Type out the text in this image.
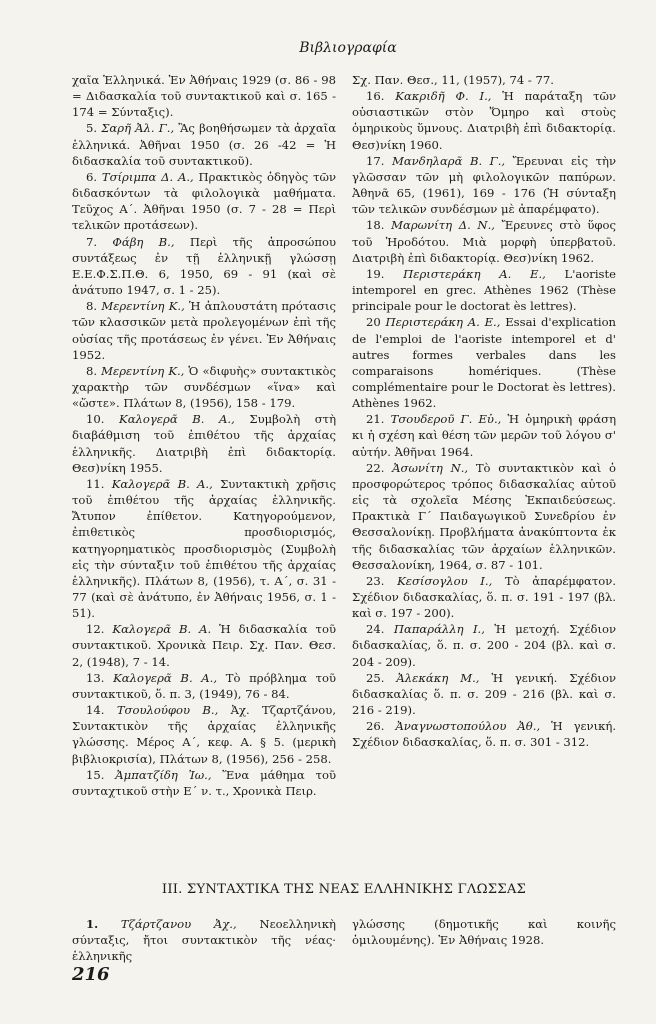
Βιβλιογραφία

χαῖα Ἑλληνικά. Ἐν Ἀθήναις 1929 (σ. 86 - 98 = Διδασκαλία τοῦ συντακτικοῦ καὶ σ. 165 - 174 = Σύνταξις).

5. Σαρῆ Ἀλ. Γ., Ἂς βοηθήσωμεν τὰ ἀρχαῖα ἑλληνικά. Ἀθῆναι 1950 (σ. 26 -42 = Ἡ διδασκαλία τοῦ συντακτικοῦ).

6. Τσίριμπα Δ. Α., Πρακτικὸς ὁδηγὸς τῶν διδασκόντων τὰ φιλολογικὰ μαθήματα. Τεῦχος Α΄. Ἀθῆναι 1950 (σ. 7 - 28 = Περὶ τελικῶν προτάσεων).

7. Φάβη Β., Περὶ τῆς ἀπροσώπου συντάξεως ἐν τῇ ἑλληνικῇ γλώσσῃ Ε.Ε.Φ.Σ.Π.Θ. 6, 1950, 69 - 91 (καὶ σὲ ἀνάτυπο 1947, σ. 1 - 25).

8. Μερεντίνη Κ., Ἡ ἁπλουστάτη πρότασις τῶν κλασσικῶν μετὰ προλεγομένων ἐπὶ τῆς οὐσίας τῆς προτάσεως ἐν γένει. Ἐν Ἀθήναις 1952.

8. Μερεντίνη Κ., Ὁ «διφυὴς» συντακτικὸς χαρακτὴρ τῶν συνδέσμων «ἵνα» καὶ «ὥστε». Πλάτων 8, (1956), 158 - 179.

10. Καλογερᾶ Β. Α., Συμβολὴ στὴ διαβάθμιση τοῦ ἐπιθέτου τῆς ἀρχαίας ἑλληνικῆς. Διατριβὴ ἐπὶ διδακτορίᾳ. Θεσ)νίκη 1955.

11. Καλογερᾶ Β. Α., Συντακτικὴ χρῆσις τοῦ ἐπιθέτου τῆς ἀρχαίας ἑλληνικῆς. Ἄτυπον ἐπίθετον. Κατηγορούμενον, ἐπιθετικὸς προσδιορισμός, κατηγορηματικὸς προσδιορισμὸς (Συμβολὴ εἰς τὴν σύνταξιν τοῦ ἐπιθέτου τῆς ἀρχαίας ἑλληνικῆς). Πλάτων 8, (1956), τ. Α΄, σ. 31 - 77 (καὶ σὲ ἀνάτυπο, ἐν Ἀθήναις 1956, σ. 1 - 51).

12. Καλογερᾶ Β. Α. Ἡ διδασκαλία τοῦ συντακτικοῦ. Χρονικὰ Πειρ. Σχ. Παν. Θεσ. 2, (1948), 7 - 14.

13. Καλογερᾶ Β. Α., Τὸ πρόβλημα τοῦ συντακτικοῦ, ὅ. π. 3, (1949), 76 - 84.

14. Τσουλούφου Β., Ἀχ. Τζαρτζάνου, Συντακτικὸν τῆς ἀρχαίας ἑλληνικῆς γλώσσης. Μέρος Α΄, κεφ. Α. § 5. (μερικὴ βιβλιοκρισία), Πλάτων 8, (1956), 256 - 258.

15. Ἀμπατζίδη Ἰω., Ἕνα μάθημα τοῦ συνταχτικοῦ στὴν Ε΄ ν. τ., Χρονικὰ Πειρ.

Σχ. Παν. Θεσ., 11, (1957), 74 - 77.

16. Κακριδῆ Φ. Ι., Ἡ παράταξη τῶν οὐσιαστικῶν στὸν Ὅμηρο καὶ στοὺς ὁμηρικοὺς ὕμνους. Διατριβὴ ἐπὶ διδακτορίᾳ. Θεσ)νίκη 1960.

17. Μανδηλαρᾶ Β. Γ., Ἔρευναι εἰς τὴν γλῶσσαν τῶν μὴ φιλολογικῶν παπύρων. Ἀθηνᾶ 65, (1961), 169 - 176 (Ἡ σύνταξη τῶν τελικῶν συνδέσμων μὲ ἀπαρέμφατο).

18. Μαρωνίτη Δ. Ν., Ἔρευνες στὸ ὕφος τοῦ Ἡροδότου. Μιὰ μορφὴ ὑπερβατοῦ. Διατριβὴ ἐπὶ διδακτορίᾳ. Θεσ)νίκη 1962.

19. Περιστεράκη Α. Ε., L'aoriste intemporel en grec. Athènes 1962 (Thèse principale pour le doctorat ès lettres).

20 Περιστεράκη Α. Ε., Essai d'explication de l'emploi de l'aoriste intemporel et d' autres formes verbales dans les comparaisons homériques. (Thèse complémentaire pour le Doctorat ès lettres). Athènes 1962.

21. Τσουδεροῦ Γ. Εὐ., Ἡ ὁμηρικὴ φράση κι ἡ σχέση καὶ θέση τῶν μερῶν τοῦ λόγου σ' αὐτήν. Ἀθῆναι 1964.

22. Ἀσωνίτη Ν., Τὸ συντακτικὸν καὶ ὁ προσφορώτερος τρόπος διδασκαλίας αὐτοῦ εἰς τὰ σχολεῖα Μέσης Ἐκπαιδεύσεως. Πρακτικὰ Γ΄ Παιδαγωγικοῦ Συνεδρίου ἐν Θεσσαλονίκῃ. Προβλήματα ἀνακύπτοντα ἐκ τῆς διδασκαλίας τῶν ἀρχαίων ἑλληνικῶν. Θεσσαλονίκη, 1964, σ. 87 - 101.

23. Κεσίσογλου Ι., Τὸ ἀπαρέμφατον. Σχέδιον διδασκαλίας, ὅ. π. σ. 191 - 197 (βλ. καὶ σ. 197 - 200).

24. Παπαράλλη Ι., Ἡ μετοχή. Σχέδιον διδασκαλίας, ὅ. π. σ. 200 - 204 (βλ. καὶ σ. 204 - 209).

25. Ἀλεκάκη Μ., Ἡ γενική. Σχέδιον διδασκαλίας ὅ. π. σ. 209 - 216 (βλ. καὶ σ. 216 - 219).

26. Ἀναγνωστοπούλου Ἀθ., Ἡ γενική. Σχέδιον διδασκαλίας, ὅ. π. σ. 301 - 312.

III. ΣΥΝΤΑΧΤΙΚΑ ΤΗΣ ΝΕΑΣ ΕΛΛΗΝΙΚΗΣ ΓΛΩΣΣΑΣ

1. Τζάρτζανου Ἀχ., Νεοελληνικὴ σύνταξις, ἤτοι συντακτικὸν τῆς νέας· ἑλληνικῆς

γλώσσης (δημοτικῆς καὶ κοινῆς ὁμιλουμένης). Ἐν Ἀθήναις 1928.

216
